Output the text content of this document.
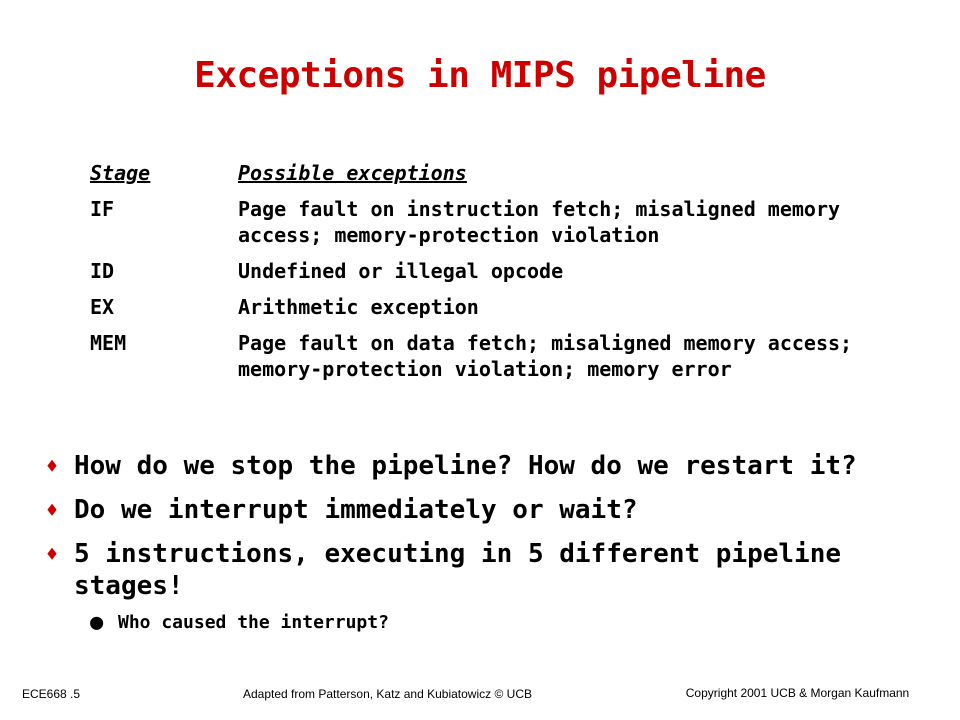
Exceptions in MIPS pipeline
Stage	Possible exceptions
IF	Page fault on instruction fetch; misaligned memory access; memory-protection violation
ID	Undefined or illegal opcode
EX	Arithmetic exception
MEM	Page fault on data fetch; misaligned memory access; memory-protection violation; memory error
♦ How do we stop the pipeline? How do we restart it?
♦ Do we interrupt immediately or wait?
♦ 5 instructions, executing in 5 different pipeline stages!
● Who caused the interrupt?
ECE668 .5	Adapted from Patterson, Katz and Kubiatowicz © UCB	Copyright 2001 UCB & Morgan Kaufmann
